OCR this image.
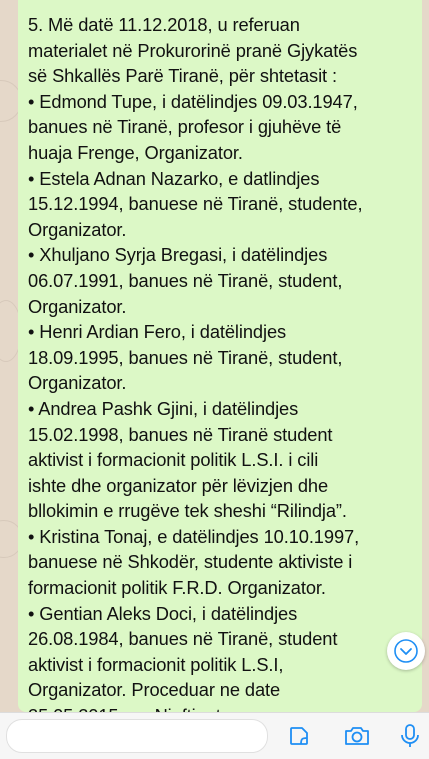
5. Më datë 11.12.2018, u referuan
materialet në Prokurorinë pranë Gjykatës
së Shkallës Parë Tiranë, për shtetasit :
• Edmond Tupe, i datëlindjes 09.03.1947,
banues në Tiranë, profesor i gjuhëve të
huaja Frenge, Organizator.
• Estela Adnan Nazarko, e datlindjes
15.12.1994, banuese në Tiranë, studente,
Organizator.
• Xhuljano Syrja Bregasi, i datëlindjes
06.07.1991, banues në Tiranë, student,
Organizator.
• Henri Ardian Fero, i datëlindjes
18.09.1995, banues në Tiranë, student,
Organizator.
• Andrea Pashk Gjini, i datëlindjes
15.02.1998, banues në Tiranë student
aktivist i formacionit politik L.S.I. i cili
ishte dhe organizator për lëvizjen dhe
bllokimin e rrugëve tek sheshi “Rilindja”.
• Kristina Tonaj, e datëlindjes 10.10.1997,
banuese në Shkodër, studente aktiviste i
formacionit politik F.R.D. Organizator.
• Gentian Aleks Doci, i datëlindjes
26.08.1984, banues në Tiranë, student
aktivist i formacionit politik L.S.I,
Organizator. Proceduar ne date
